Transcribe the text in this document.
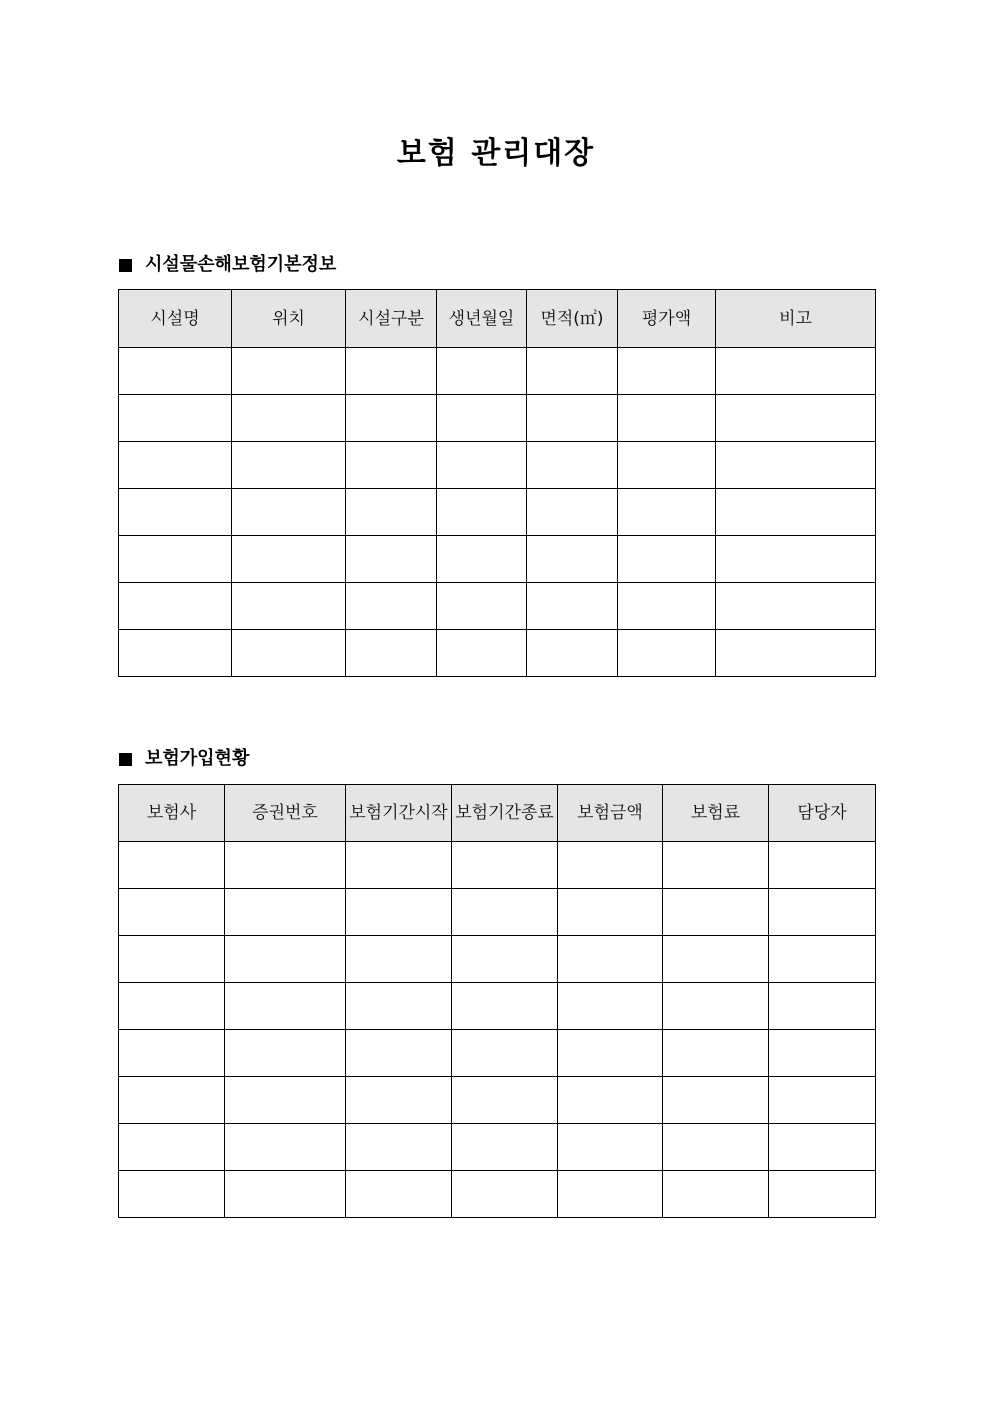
보험 관리대장
시설물손해보험기본정보
시설명	위치	시설구분	생년월일	면적(㎡)	평가액	비고

보험가입현황
보험사	증권번호	보험기간시작	보험기간종료	보험금액	보험료	담당자
